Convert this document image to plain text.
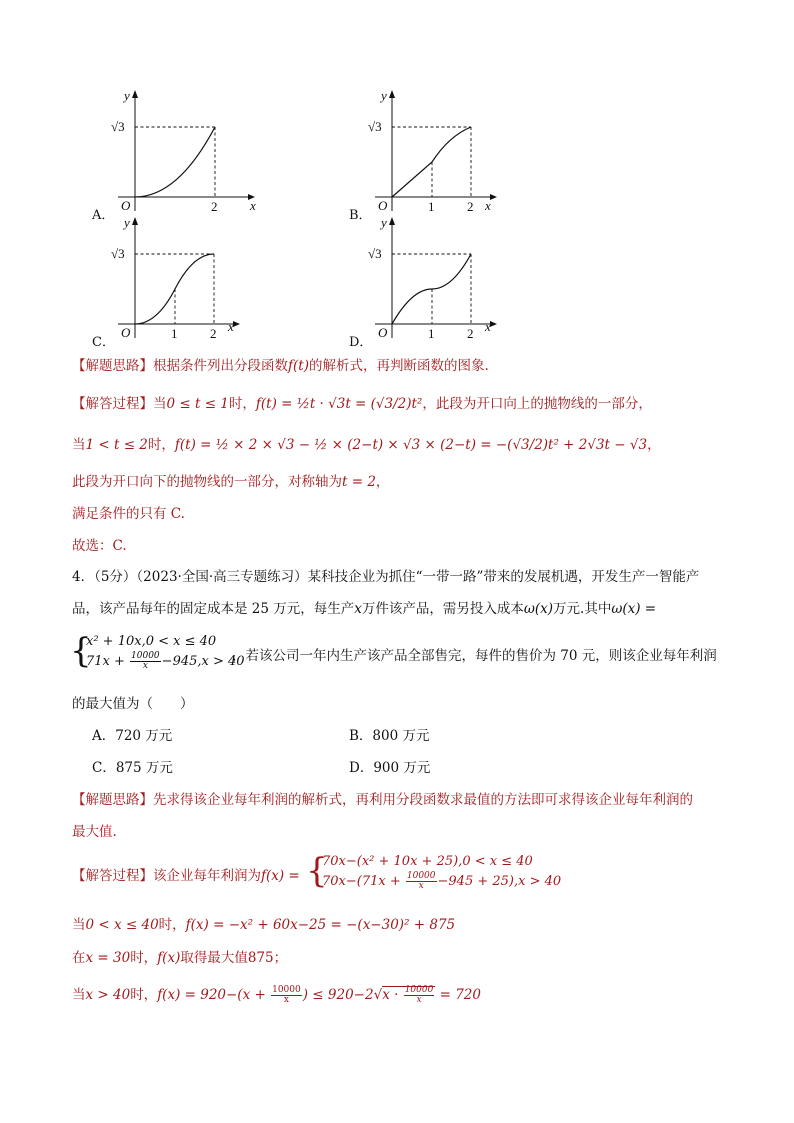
A．
y
x
O
√3
2
B．
y
x
O
√3
1	2
C．
y
x
O
√3
1	2
D．
y
x
O
√3
1	2
【解题思路】根据条件列出分段函数f(t)的解析式，再判断函数的图象.
【解答过程】当0 ≤ t ≤ 1时，f(t) = ½t · √3t = (√3/2)t²，此段为开口向上的抛物线的一部分，
当1 < t ≤ 2时，f(t) = ½ × 2 × √3 − ½ × (2−t) × √3 × (2−t) = −(√3/2)t² + 2√3t − √3，
此段为开口向下的抛物线的一部分，对称轴为t = 2，
满足条件的只有 C.
故选：C.
4．（5分）（2023·全国·高三专题练习）某科技企业为抓住“一带一路”带来的发展机遇，开发生产一智能产
品，该产品每年的固定成本是 25 万元，每生产x万件该产品，需另投入成本ω(x)万元.其中ω(x) =
{
x² + 10x,0 < x ≤ 40
$71x + \frac{10000}{x} -945,x > 40$
，若该公司一年内生产该产品全部售完，每件的售价为 70 元，则该企业每年利润
的最大值为（　　）
A．720 万元	B．800 万元
C．875 万元	D．900 万元
【解题思路】先求得该企业每年利润的解析式，再利用分段函数求最值的方法即可求得该企业每年利润的
最大值.
【解答过程】该企业每年利润为f(x) = {
70x−(x² + 10x + 25),0 < x ≤ 40
$70x-(71x + \frac{10000}{x} -945 + 25),x > 40$
当0 < x ≤ 40时，f(x) = −x² + 60x−25 = −(x−30)² + 875
在x = 30时，f(x)取得最大值875；
当x > 40时，$f(x) = 920-(x + \frac{10000}{x}$ ) ≤ $920-2√x \cdot \frac{10000}{x} = 720$
